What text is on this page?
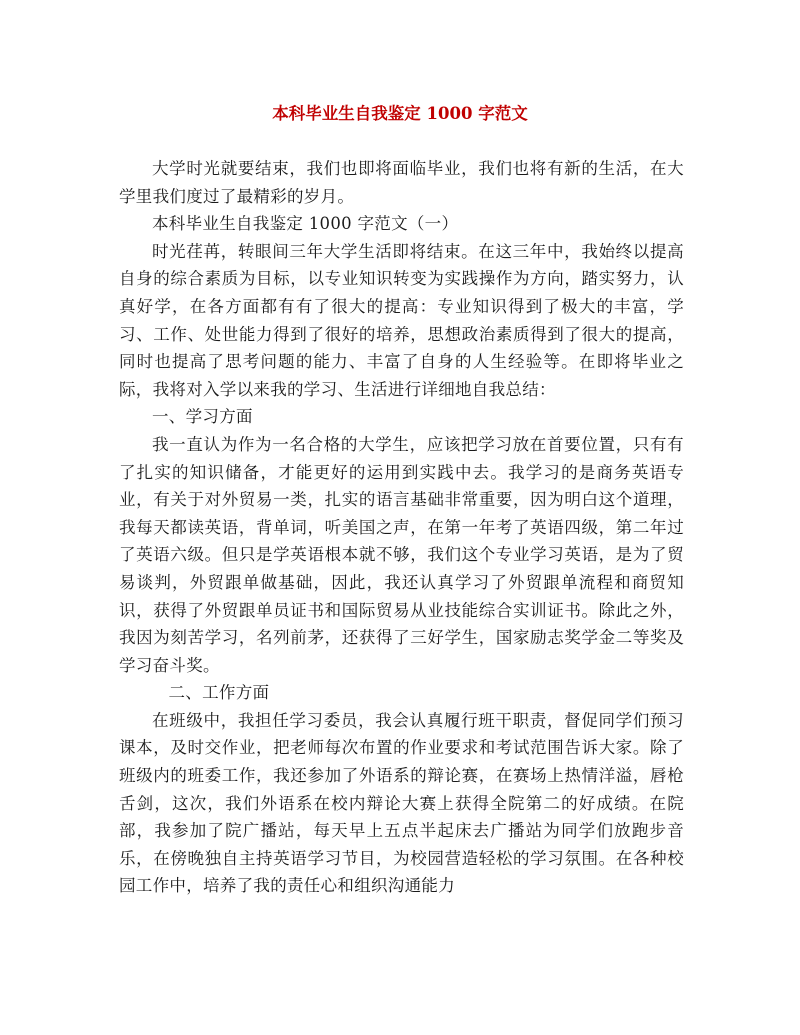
本科毕业生自我鉴定 1000 字范文

大学时光就要结束，我们也即将面临毕业，我们也将有新的生活，在大学里我们度过了最精彩的岁月。

本科毕业生自我鉴定 1000 字范文（一）

时光荏苒，转眼间三年大学生活即将结束。在这三年中，我始终以提高自身的综合素质为目标，以专业知识转变为实践操作为方向，踏实努力，认真好学，在各方面都有有了很大的提高：专业知识得到了极大的丰富，学习、工作、处世能力得到了很好的培养，思想政治素质得到了很大的提高，同时也提高了思考问题的能力、丰富了自身的人生经验等。在即将毕业之际，我将对入学以来我的学习、生活进行详细地自我总结：

一、学习方面

我一直认为作为一名合格的大学生，应该把学习放在首要位置，只有有了扎实的知识储备，才能更好的运用到实践中去。我学习的是商务英语专业，有关于对外贸易一类，扎实的语言基础非常重要，因为明白这个道理，我每天都读英语，背单词，听美国之声，在第一年考了英语四级，第二年过了英语六级。但只是学英语根本就不够，我们这个专业学习英语，是为了贸易谈判，外贸跟单做基础，因此，我还认真学习了外贸跟单流程和商贸知识，获得了外贸跟单员证书和国际贸易从业技能综合实训证书。除此之外，我因为刻苦学习，名列前茅，还获得了三好学生，国家励志奖学金二等奖及学习奋斗奖。

二、工作方面

在班级中，我担任学习委员，我会认真履行班干职责，督促同学们预习课本，及时交作业，把老师每次布置的作业要求和考试范围告诉大家。除了班级内的班委工作，我还参加了外语系的辩论赛，在赛场上热情洋溢，唇枪舌剑，这次，我们外语系在校内辩论大赛上获得全院第二的好成绩。在院部，我参加了院广播站，每天早上五点半起床去广播站为同学们放跑步音乐，在傍晚独自主持英语学习节目，为校园营造轻松的学习氛围。在各种校园工作中，培养了我的责任心和组织沟通能力
